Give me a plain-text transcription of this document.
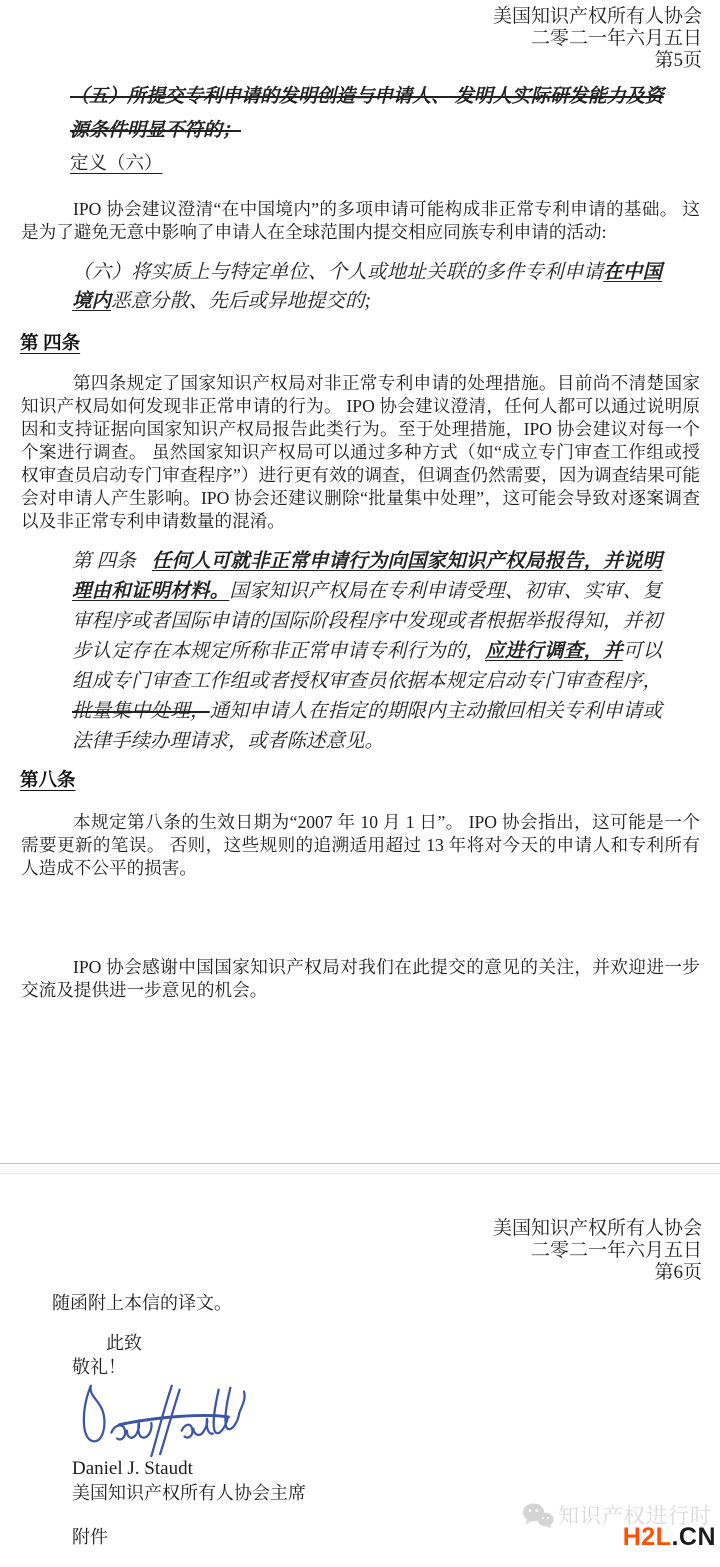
美国知识产权所有人协会
二零二一年六月五日
第5页

（五）所提交专利申请的发明创造与申请人、 发明人实际研发能力及资源条件明显不符的；

定义（六）

IPO 协会建议澄清“在中国境内”的多项申请可能构成非正常专利申请的基础。 这是为了避免无意中影响了申请人在全球范围内提交相应同族专利申请的活动:

（六）将实质上与特定单位、个人或地址关联的多件专利申请在中国境内恶意分散、先后或异地提交的;
第 四条

第四条规定了国家知识产权局对非正常专利申请的处理措施。目前尚不清楚国家知识产权局如何发现非正常申请的行为。 IPO 协会建议澄清，任何人都可以通过说明原因和支持证据向国家知识产权局报告此类行为。至于处理措施，IPO 协会建议对每一个个案进行调查。 虽然国家知识产权局可以通过多种方式（如“成立专门审查工作组或授权审查员启动专门审查程序”）进行更有效的调查，但调查仍然需要，因为调查结果可能会对申请人产生影响。IPO 协会还建议删除“批量集中处理”，这可能会导致对逐案调查以及非正常专利申请数量的混淆。

第 四条 任何人可就非正常申请行为向国家知识产权局报告，并说明理由和证明材料。国家知识产权局在专利申请受理、初审、实审、复审程序或者国际申请的国际阶段程序中发现或者根据举报得知，并初步认定存在本规定所称非正常申请专利行为的，应进行调查，并可以组成专门审查工作组或者授权审查员依据本规定启动专门审查程序，批量集中处理，通知申请人在指定的期限内主动撤回相关专利申请或法律手续办理请求，或者陈述意见。
第八条

本规定第八条的生效日期为“2007 年 10 月 1 日”。 IPO 协会指出，这可能是一个需要更新的笔误。 否则，这些规则的追溯适用超过 13 年将对今天的申请人和专利所有人造成不公平的损害。

IPO 协会感谢中国国家知识产权局对我们在此提交的意见的关注，并欢迎进一步交流及提供进一步意见的机会。

美国知识产权所有人协会
二零二一年六月五日
第6页

随函附上本信的译文。

此致

敬礼！

Daniel J. Staudt

美国知识产权所有人协会主席

附件

知识产权进行时
H2L.CN
